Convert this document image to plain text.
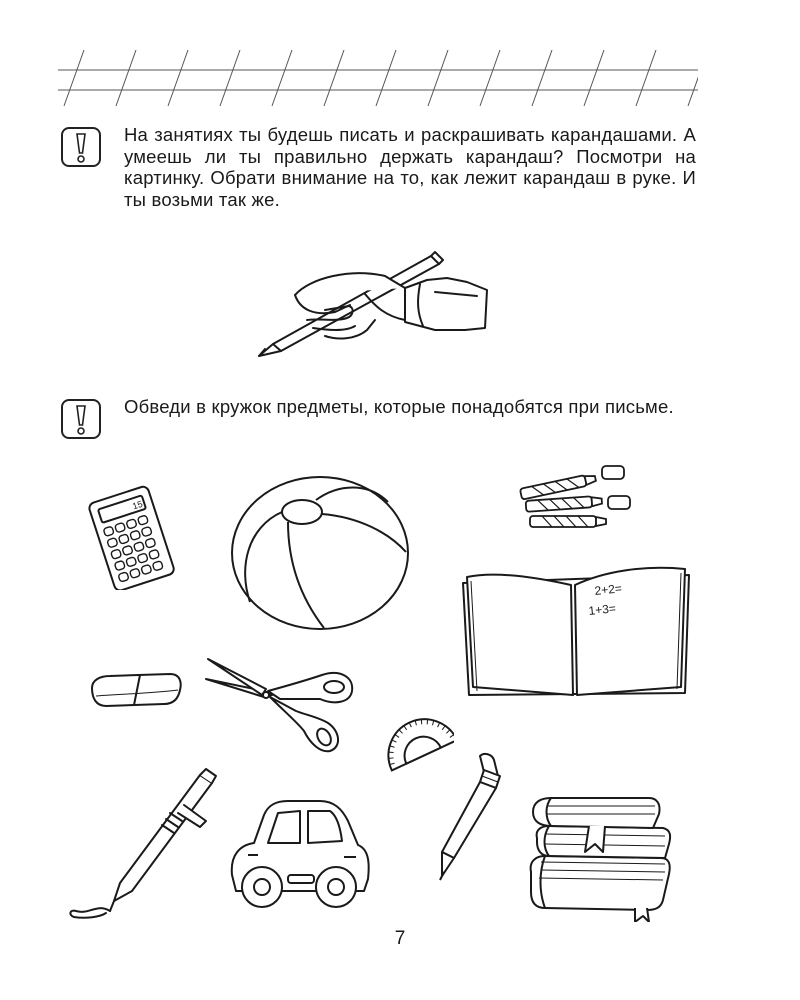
На занятиях ты будешь писать и раскрашивать карандашами. А умеешь ли ты правильно держать карандаш? Посмотри на картинку. Обрати внимание на то, как лежит карандаш в руке. И ты возьми так же.
Обведи в кружок предметы, которые понадобятся при письме.
15
2+2=
1+3=
7
